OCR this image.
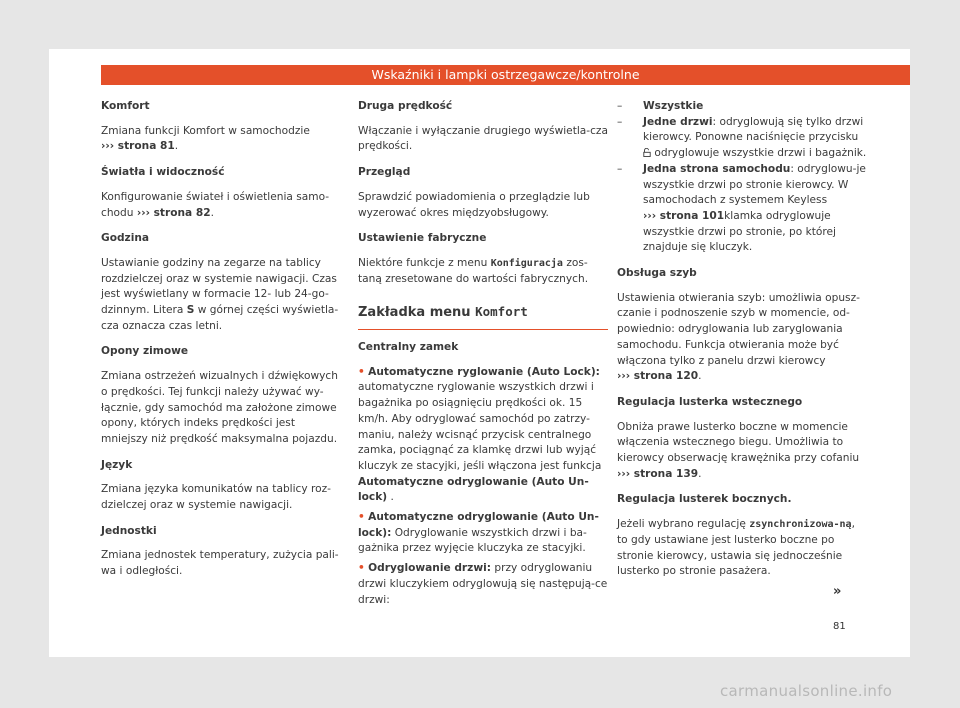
Wskaźniki i lampki ostrzegawcze/kontrolne

Komfort

Zmiana funkcji Komfort w samochodzie
››› strona 81.

Światła i widoczność

Konfigurowanie świateł i oświetlenia samo-chodu ››› strona 82.

Godzina

Ustawianie godziny na zegarze na tablicy rozdzielczej oraz w systemie nawigacji. Czas jest wyświetlany w formacie 12- lub 24-go-dzinnym. Litera S w górnej części wyświetla-cza oznacza czas letni.

Opony zimowe

Zmiana ostrzeżeń wizualnych i dźwiękowych o prędkości. Tej funkcji należy używać wy-łącznie, gdy samochód ma założone zimowe opony, których indeks prędkości jest mniejszy niż prędkość maksymalna pojazdu.

Język

Zmiana języka komunikatów na tablicy roz-dzielczej oraz w systemie nawigacji.

Jednostki

Zmiana jednostek temperatury, zużycia pali-wa i odległości.

Druga prędkość

Włączanie i wyłączanie drugiego wyświetla-cza prędkości.

Przegląd

Sprawdzić powiadomienia o przeglądzie lub wyzerować okres międzyobsługowy.

Ustawienie fabryczne

Niektóre funkcje z menu Konfiguracja zos-taną zresetowane do wartości fabrycznych.

Zakładka menu Komfort

Centralny zamek

• Automatyczne ryglowanie (Auto Lock): automatyczne ryglowanie wszystkich drzwi i bagażnika po osiągnięciu prędkości ok. 15 km/h. Aby odryglować samochód po zatrzy-maniu, należy wcisnąć przycisk centralnego zamka, pociągnąć za klamkę drzwi lub wyjąć kluczyk ze stacyjki, jeśli włączona jest funkcja Automatyczne odryglowanie (Auto Un-lock) .

• Automatyczne odryglowanie (Auto Un-lock): Odryglowanie wszystkich drzwi i ba-gażnika przez wyjęcie kluczyka ze stacyjki.

• Odryglowanie drzwi: przy odryglowaniu drzwi kluczykiem odryglowują się następują-ce drzwi:

–	Wszystkie
–	Jedne drzwi: odryglowują się tylko drzwi kierowcy. Ponowne naciśnięcie przycisku  odryglowuje wszystkie drzwi i bagażnik.
–	Jedna strona samochodu: odryglowu-je wszystkie drzwi po stronie kierowcy. W samochodach z systemem Keyless
››› strona 101klamka odryglowuje wszystkie drzwi po stronie, po której znajduje się kluczyk.

Obsługa szyb

Ustawienia otwierania szyb: umożliwia opusz-czanie i podnoszenie szyb w momencie, od-powiednio: odryglowania lub zaryglowania samochodu. Funkcja otwierania może być włączona tylko z panelu drzwi kierowcy
››› strona 120.

Regulacja lusterka wstecznego

Obniża prawe lusterko boczne w momencie włączenia wstecznego biegu. Umożliwia to kierowcy obserwację krawężnika przy cofaniu
››› strona 139.

Regulacja lusterek bocznych.

Jeżeli wybrano regulację zsynchronizowa-ną, to gdy ustawiane jest lusterko boczne po stronie kierowcy, ustawia się jednocześnie lusterko po stronie pasażera.

»
81
carmanualsonline.info
